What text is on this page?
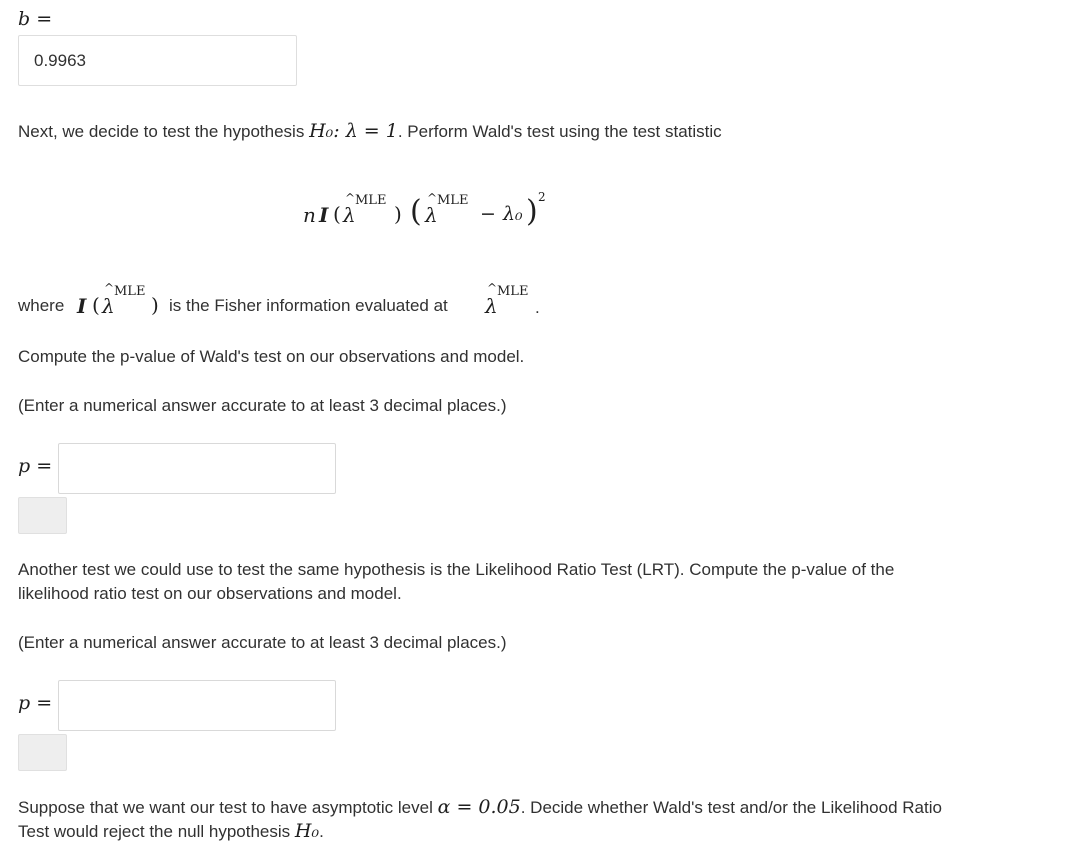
b =
0.9963
Next, we decide to test the hypothesis H₀: λ = 1. Perform Wald's test using the test statistic
n I (
^
λ
MLE
) ( ^
λ
MLE
− λ₀ ) 2
where I (
^
λ
MLE
) is the Fisher information evaluated at
^
λ
MLE
.
Compute the p-value of Wald's test on our observations and model.
(Enter a numerical answer accurate to at least 3 decimal places.)
p =
Another test we could use to test the same hypothesis is the Likelihood Ratio Test (LRT). Compute the p-value of the
likelihood ratio test on our observations and model.
(Enter a numerical answer accurate to at least 3 decimal places.)
p =
Suppose that we want our test to have asymptotic level α = 0.05. Decide whether Wald's test and/or the Likelihood Ratio
Test would reject the null hypothesis H₀.
